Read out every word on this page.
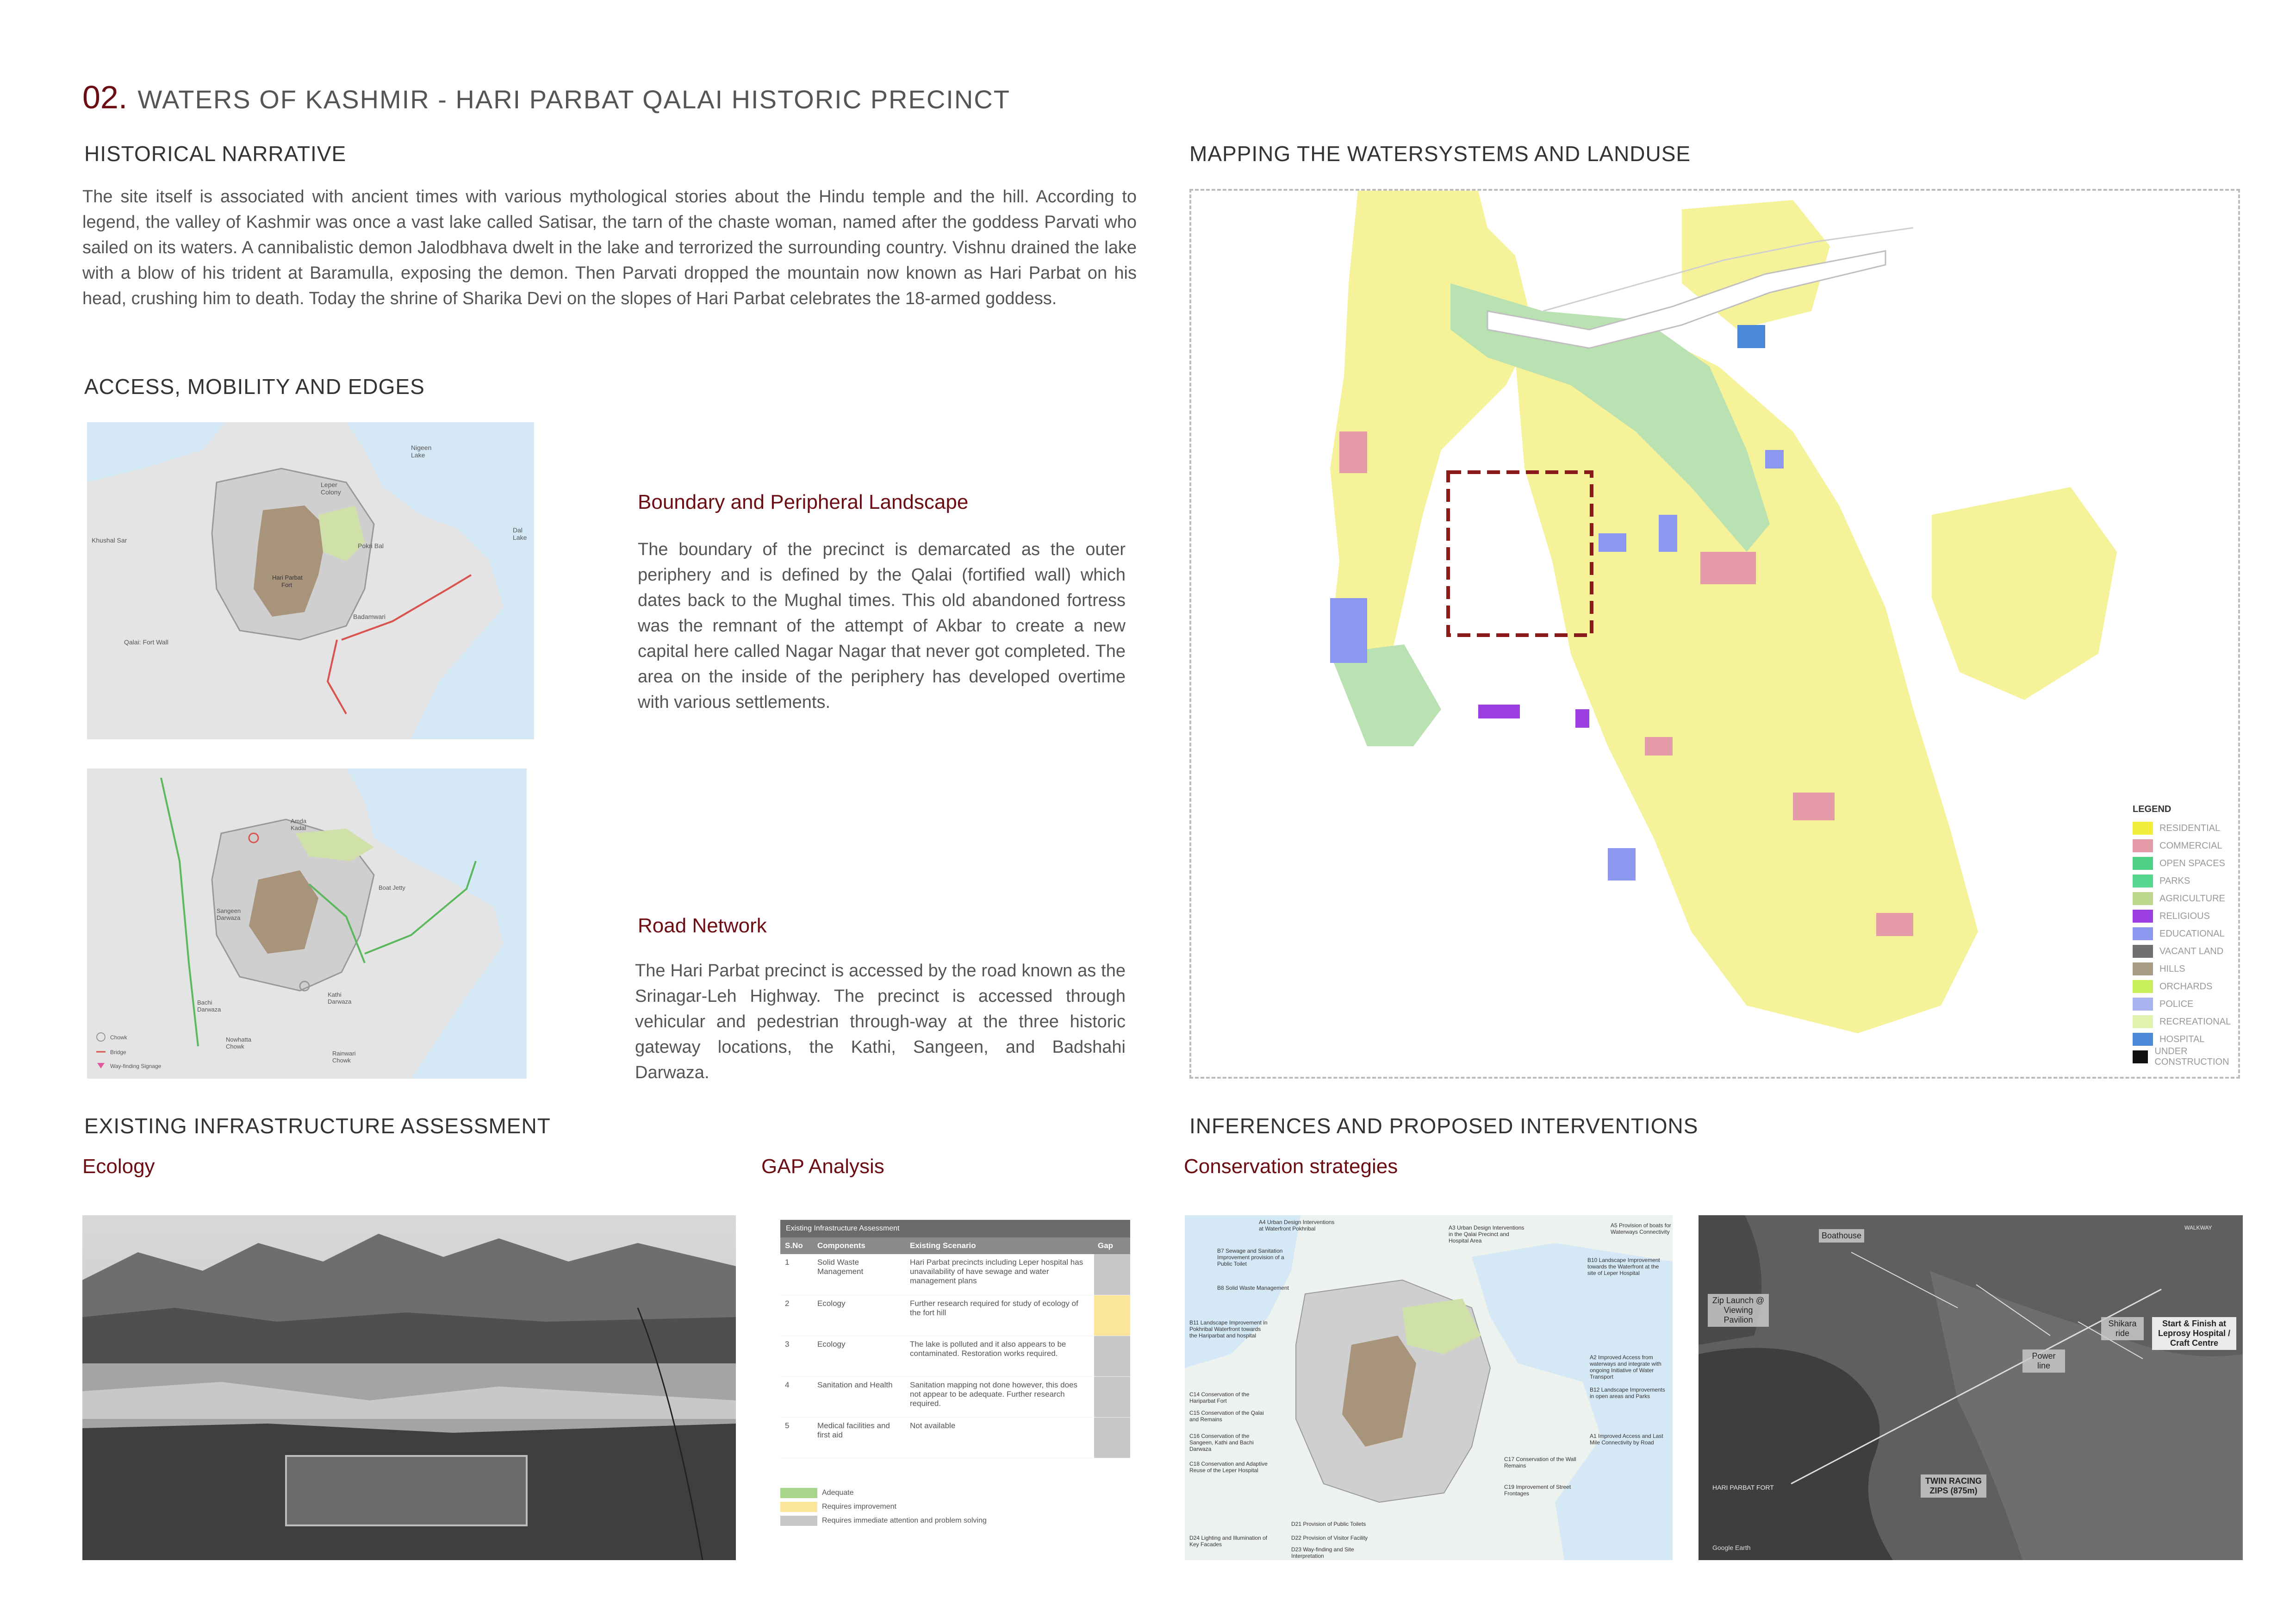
02. WATERS OF KASHMIR - HARI PARBAT QALAI HISTORIC PRECINCT
HISTORICAL NARRATIVE
The site itself is associated with ancient times with various mythological stories about the Hindu temple and the hill. According to legend, the valley of Kashmir was once a vast lake called Satisar, the tarn of the chaste woman, named after the goddess Parvati who sailed on its waters. A cannibalistic demon Jalodbhava dwelt in the lake and terrorized the surrounding country. Vishnu drained the lake with a blow of his trident at Baramulla, exposing the demon. Then Parvati dropped the mountain now known as Hari Parbat on his head, crushing him to death. Today the shrine of Sharika Devi on the slopes of Hari Parbat celebrates the 18-armed goddess.
ACCESS, MOBILITY AND EDGES
Leper
Colony
Nigeen
Lake
Dal
Lake
Khushal Sar
Hari Parbat
Fort
Pokri Bal
Badamwari
Qalai: Fort Wall
Amda
Kadal
Boat Jetty
Sangeen
Darwaza
Kathi
Darwaza
Bachi
Darwaza
Nowhatta
Chowk
Rainwari
Chowk
Chowk
Bridge
Way-finding Signage
Boundary and Peripheral Landscape
The boundary of the precinct is demarcated as the outer periphery and is defined by the Qalai (fortified wall) which dates back to the Mughal times. This old abandoned fortress was the remnant of the attempt of Akbar to create a new capital here called Nagar Nagar that never got completed. The area on the inside of the periphery has developed overtime with various settlements.
Road Network
The Hari Parbat precinct is accessed by the road known as the Srinagar-Leh Highway. The precinct is accessed through vehicular and pedestrian through-way at the three historic gateway locations, the Kathi, Sangeen, and Badshahi Darwaza.
MAPPING THE WATERSYSTEMS AND LANDUSE
LEGEND
RESIDENTIAL
COMMERCIAL
OPEN SPACES
PARKS
AGRICULTURE
RELIGIOUS
EDUCATIONAL
VACANT LAND
HILLS
ORCHARDS
POLICE
RECREATIONAL
HOSPITAL
UNDER CONSTRUCTION
EXISTING INFRASTRUCTURE ASSESSMENT
Ecology	GAP Analysis
Existing Infrastructure Assessment
S.No	Components	Existing Scenario	Gap
1	Solid Waste Management	Hari Parbat precincts including Leper hospital has unavailability of have sewage and water management plans	
2	Ecology	Further research required for study of ecology of the fort hill	
3	Ecology	The lake is polluted and it also appears to be contaminated. Restoration works required.	
4	Sanitation and Health	Sanitation mapping not done however, this does not appear to be adequate. Further research required.	
5	Medical facilities and first aid	Not available	
Adequate
Requires improvement
Requires immediate attention and problem solving
INFERENCES AND PROPOSED INTERVENTIONS
Conservation strategies
A4 Urban Design Interventions at Waterfront Pokhribal	A3 Urban Design Interventions in the Qalai Precinct and Hospital Area
A5 Provision of boats for Waterways Connectivity
B7 Sewage and Sanitation Improvement provision of a Public Toilet
B8 Solid Waste Management
B10 Landscape Improvement towards the Waterfront at the site of Leper Hospital
B11 Landscape Improvement in Pokhribal Waterfront towards the Hariparbat and hospital
A2 Improved Access from waterways and integrate with ongoing Initiative of Water Transport
B12 Landscape Improvements in open areas and Parks
A1 Improved Access and Last Mile Connectivity by Road
C14 Conservation of the Hariparbat Fort
C15 Conservation of the Qalai and Remains
C16 Conservation of the Sangeen, Kathi and Bachi Darwaza
C17 Conservation of the Wall Remains
C18 Conservation and Adaptive Reuse of the Leper Hospital
C19 Improvement of Street Frontages
D21 Provision of Public Toilets
D22 Provision of Visitor Facility
D23 Way-finding and Site Interpretation
D24 Lighting and Illumination of Key Facades
Boathouse
Zip Launch @ Viewing Pavilion	Shikara ride
Start & Finish at Leprosy Hospital / Craft Centre
Power line
TWIN RACING ZIPS (875m)
HARI PARBAT FORT
Google Earth
WALKWAY
